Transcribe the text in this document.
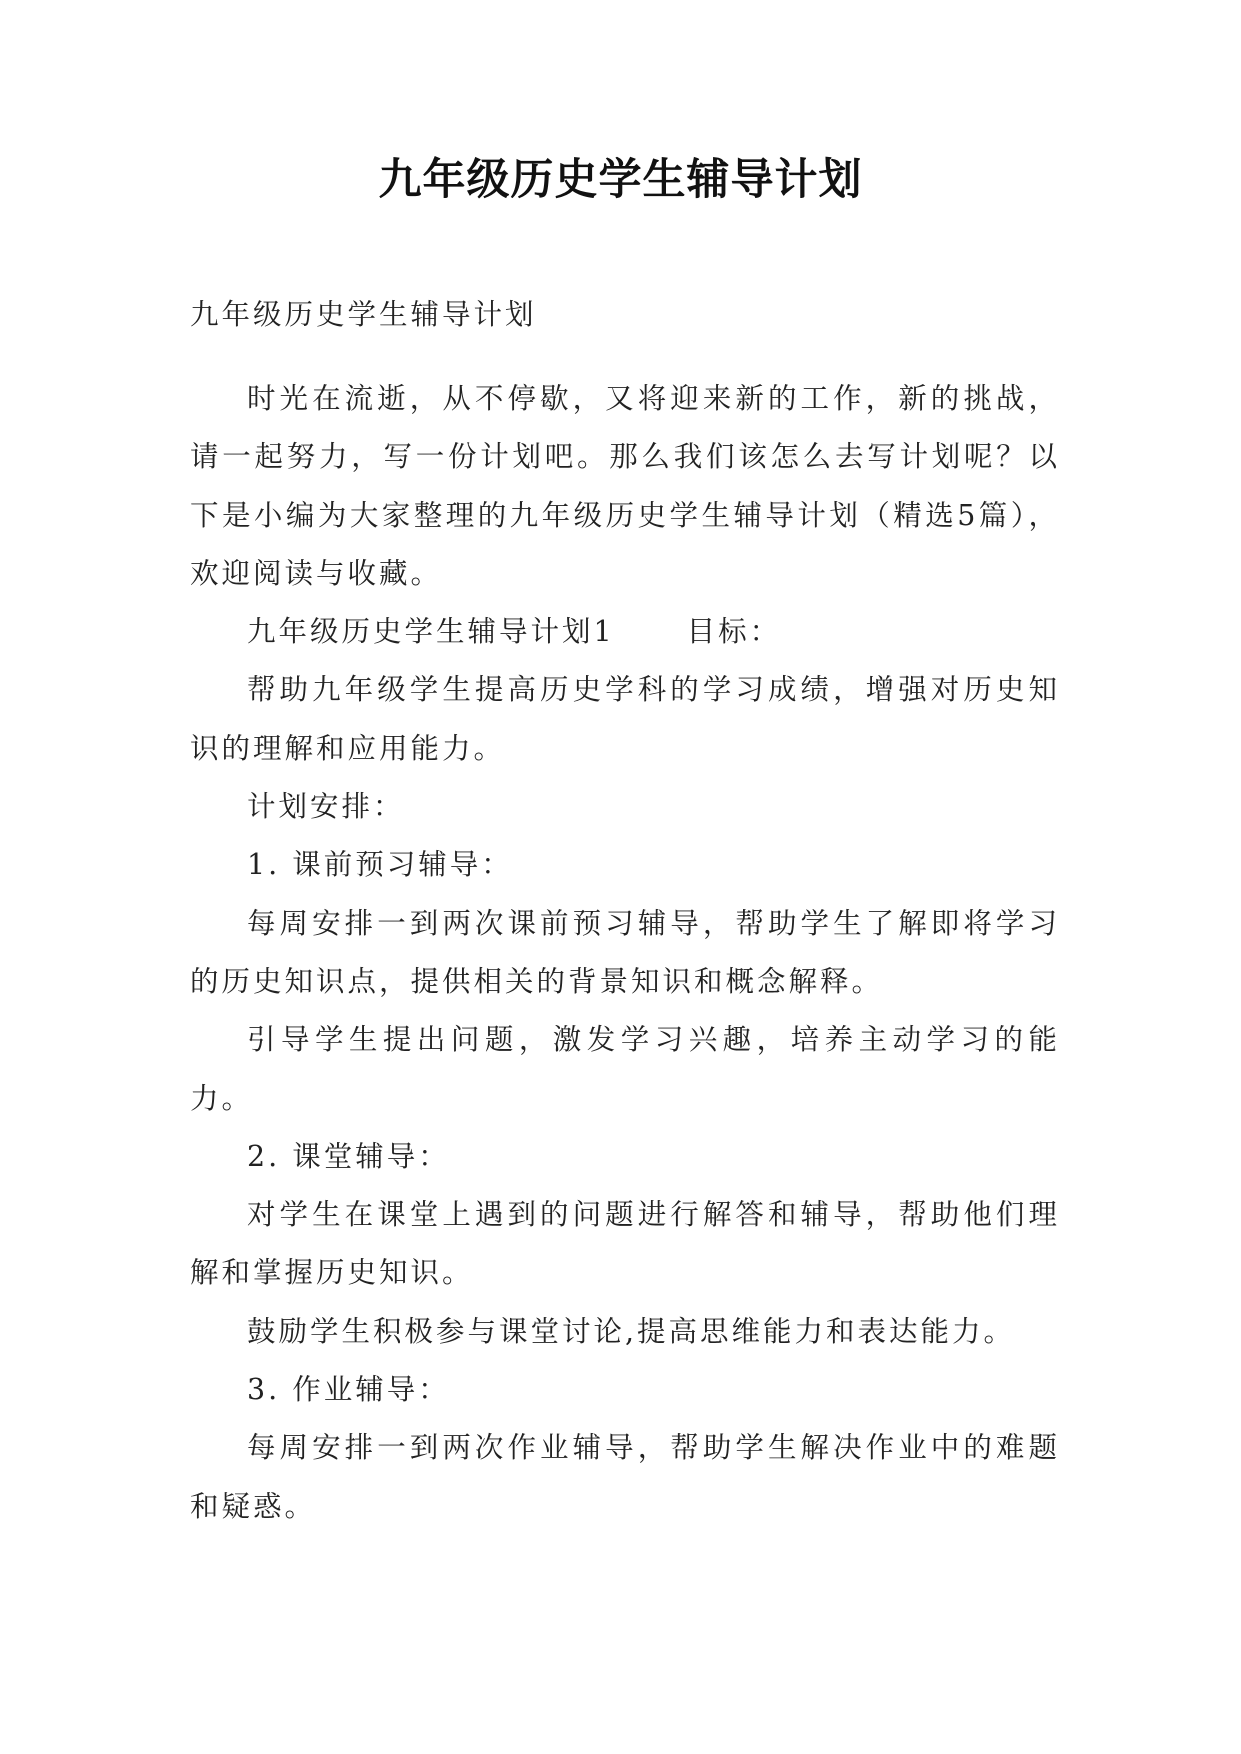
九年级历史学生辅导计划

九年级历史学生辅导计划

时光在流逝，从不停歇，又将迎来新的工作，新的挑战，请一起努力，写一份计划吧。那么我们该怎么去写计划呢？以下是小编为大家整理的九年级历史学生辅导计划（精选5篇），欢迎阅读与收藏。

九年级历史学生辅导计划1	目标：

帮助九年级学生提高历史学科的学习成绩，增强对历史知识的理解和应用能力。

计划安排：

1. 课前预习辅导：

每周安排一到两次课前预习辅导，帮助学生了解即将学习的历史知识点，提供相关的背景知识和概念解释。

引导学生提出问题，激发学习兴趣，培养主动学习的能力。

2. 课堂辅导：

对学生在课堂上遇到的问题进行解答和辅导，帮助他们理解和掌握历史知识。

鼓励学生积极参与课堂讨论,提高思维能力和表达能力。

3. 作业辅导：

每周安排一到两次作业辅导，帮助学生解决作业中的难题和疑惑。
